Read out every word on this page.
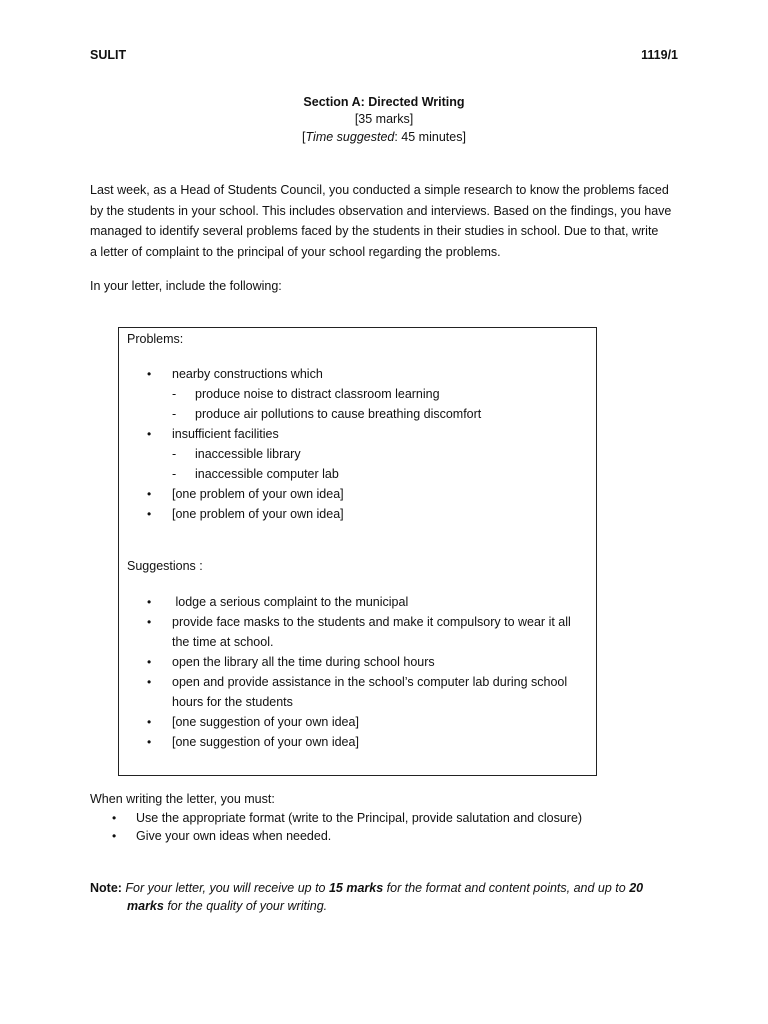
SULIT	1119/1
Section A: Directed Writing
[35 marks]
[Time suggested: 45 minutes]
Last week, as a Head of Students Council, you conducted a simple research to know the problems faced
by the students in your school. This includes observation and interviews. Based on the findings, you have
managed to identify several problems faced by the students in their studies in school. Due to that, write
a letter of complaint to the principal of your school regarding the problems.
In your letter, include the following:
Problems:
• nearby constructions which
- produce noise to distract classroom learning
- produce air pollutions to cause breathing discomfort
• insufficient facilities
- inaccessible library
- inaccessible computer lab
• [one problem of your own idea]
• [one problem of your own idea]
Suggestions :
•	lodge a serious complaint to the municipal
•	provide face masks to the students and make it compulsory to wear it all the time at school.
•	open the library all the time during school hours
•	open and provide assistance in the school’s computer lab during school hours for the students
•	[one suggestion of your own idea]
•	[one suggestion of your own idea]
When writing the letter, you must:
• Use the appropriate format (write to the Principal, provide salutation and closure)
• Give your own ideas when needed.
Note: For your letter, you will receive up to 15 marks for the format and content points, and up to 20
marks for the quality of your writing.
